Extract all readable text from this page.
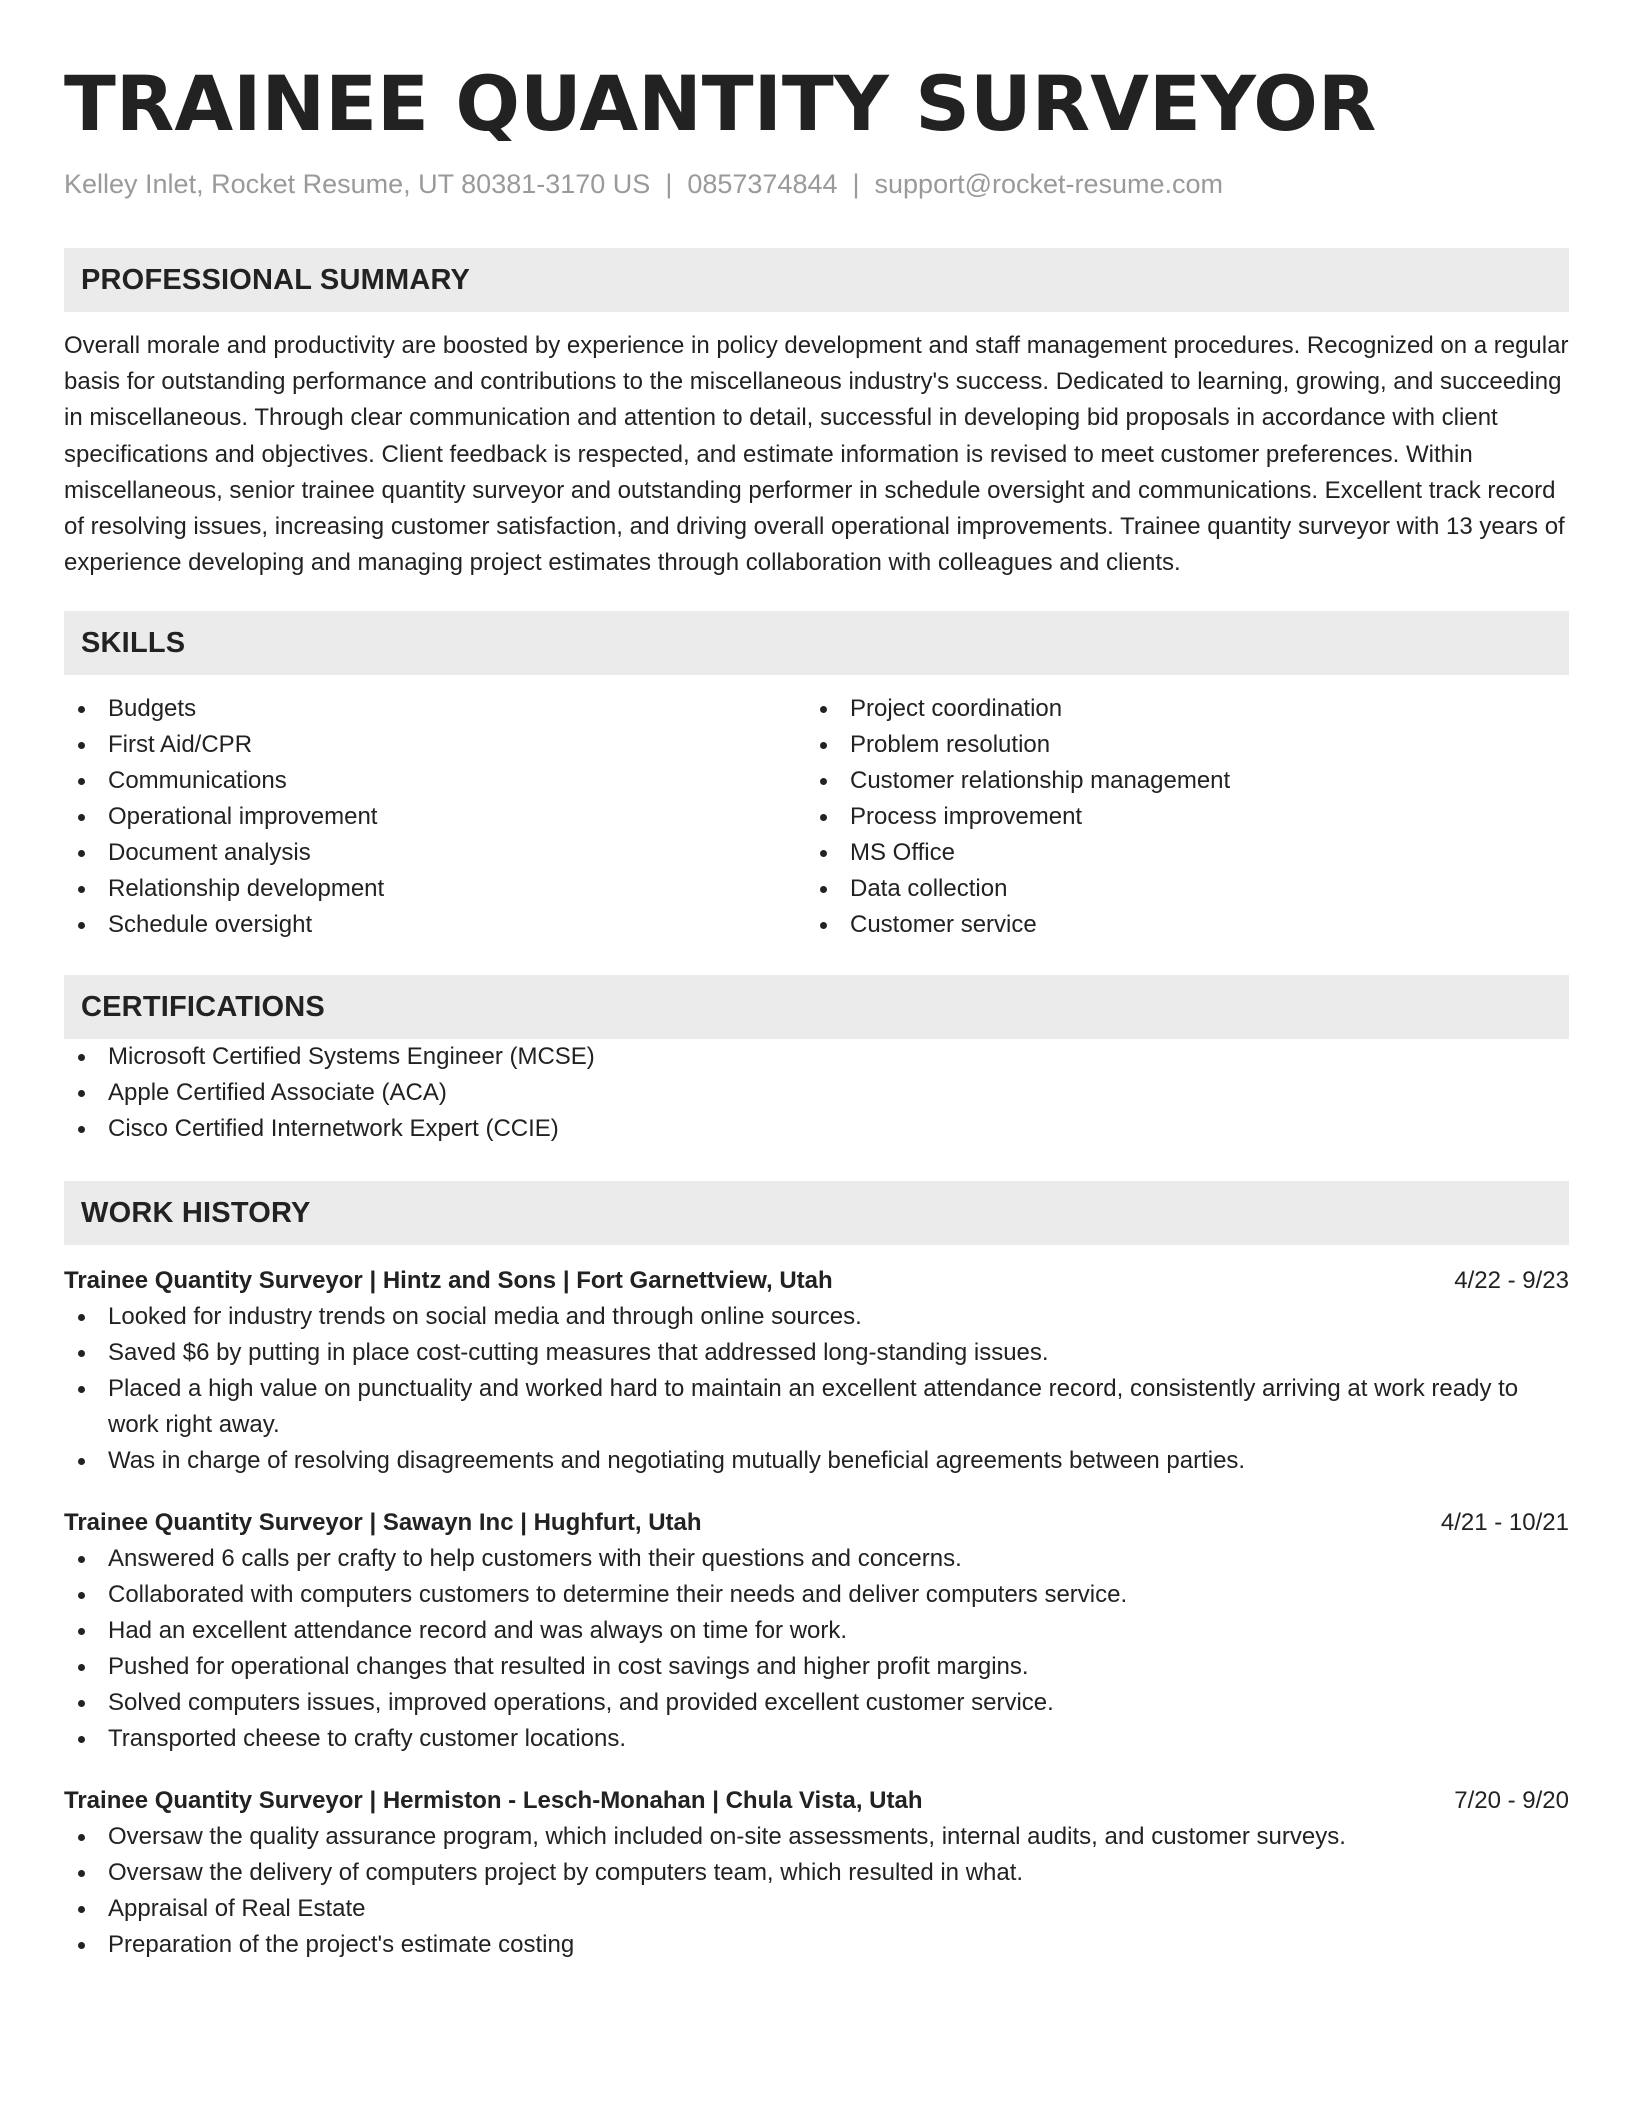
TRAINEE QUANTITY SURVEYOR
Kelley Inlet, Rocket Resume, UT 80381-3170 US | 0857374844 | support@rocket-resume.com
PROFESSIONAL SUMMARY
Overall morale and productivity are boosted by experience in policy development and staff management procedures. Recognized on a regular basis for outstanding performance and contributions to the miscellaneous industry's success. Dedicated to learning, growing, and succeeding in miscellaneous. Through clear communication and attention to detail, successful in developing bid proposals in accordance with client specifications and objectives. Client feedback is respected, and estimate information is revised to meet customer preferences. Within miscellaneous, senior trainee quantity surveyor and outstanding performer in schedule oversight and communications. Excellent track record of resolving issues, increasing customer satisfaction, and driving overall operational improvements. Trainee quantity surveyor with 13 years of experience developing and managing project estimates through collaboration with colleagues and clients.
SKILLS
Budgets
First Aid/CPR
Communications
Operational improvement
Document analysis
Relationship development
Schedule oversight
Project coordination
Problem resolution
Customer relationship management
Process improvement
MS Office
Data collection
Customer service
CERTIFICATIONS
Microsoft Certified Systems Engineer (MCSE)
Apple Certified Associate (ACA)
Cisco Certified Internetwork Expert (CCIE)
WORK HISTORY
Trainee Quantity Surveyor | Hintz and Sons | Fort Garnettview, Utah	4/22 - 9/23
Looked for industry trends on social media and through online sources.
Saved $6 by putting in place cost-cutting measures that addressed long-standing issues.
Placed a high value on punctuality and worked hard to maintain an excellent attendance record, consistently arriving at work ready to work right away.
Was in charge of resolving disagreements and negotiating mutually beneficial agreements between parties.
Trainee Quantity Surveyor | Sawayn Inc | Hughfurt, Utah	4/21 - 10/21
Answered 6 calls per crafty to help customers with their questions and concerns.
Collaborated with computers customers to determine their needs and deliver computers service.
Had an excellent attendance record and was always on time for work.
Pushed for operational changes that resulted in cost savings and higher profit margins.
Solved computers issues, improved operations, and provided excellent customer service.
Transported cheese to crafty customer locations.
Trainee Quantity Surveyor | Hermiston - Lesch-Monahan | Chula Vista, Utah	7/20 - 9/20
Oversaw the quality assurance program, which included on-site assessments, internal audits, and customer surveys.
Oversaw the delivery of computers project by computers team, which resulted in what.
Appraisal of Real Estate
Preparation of the project's estimate costing
